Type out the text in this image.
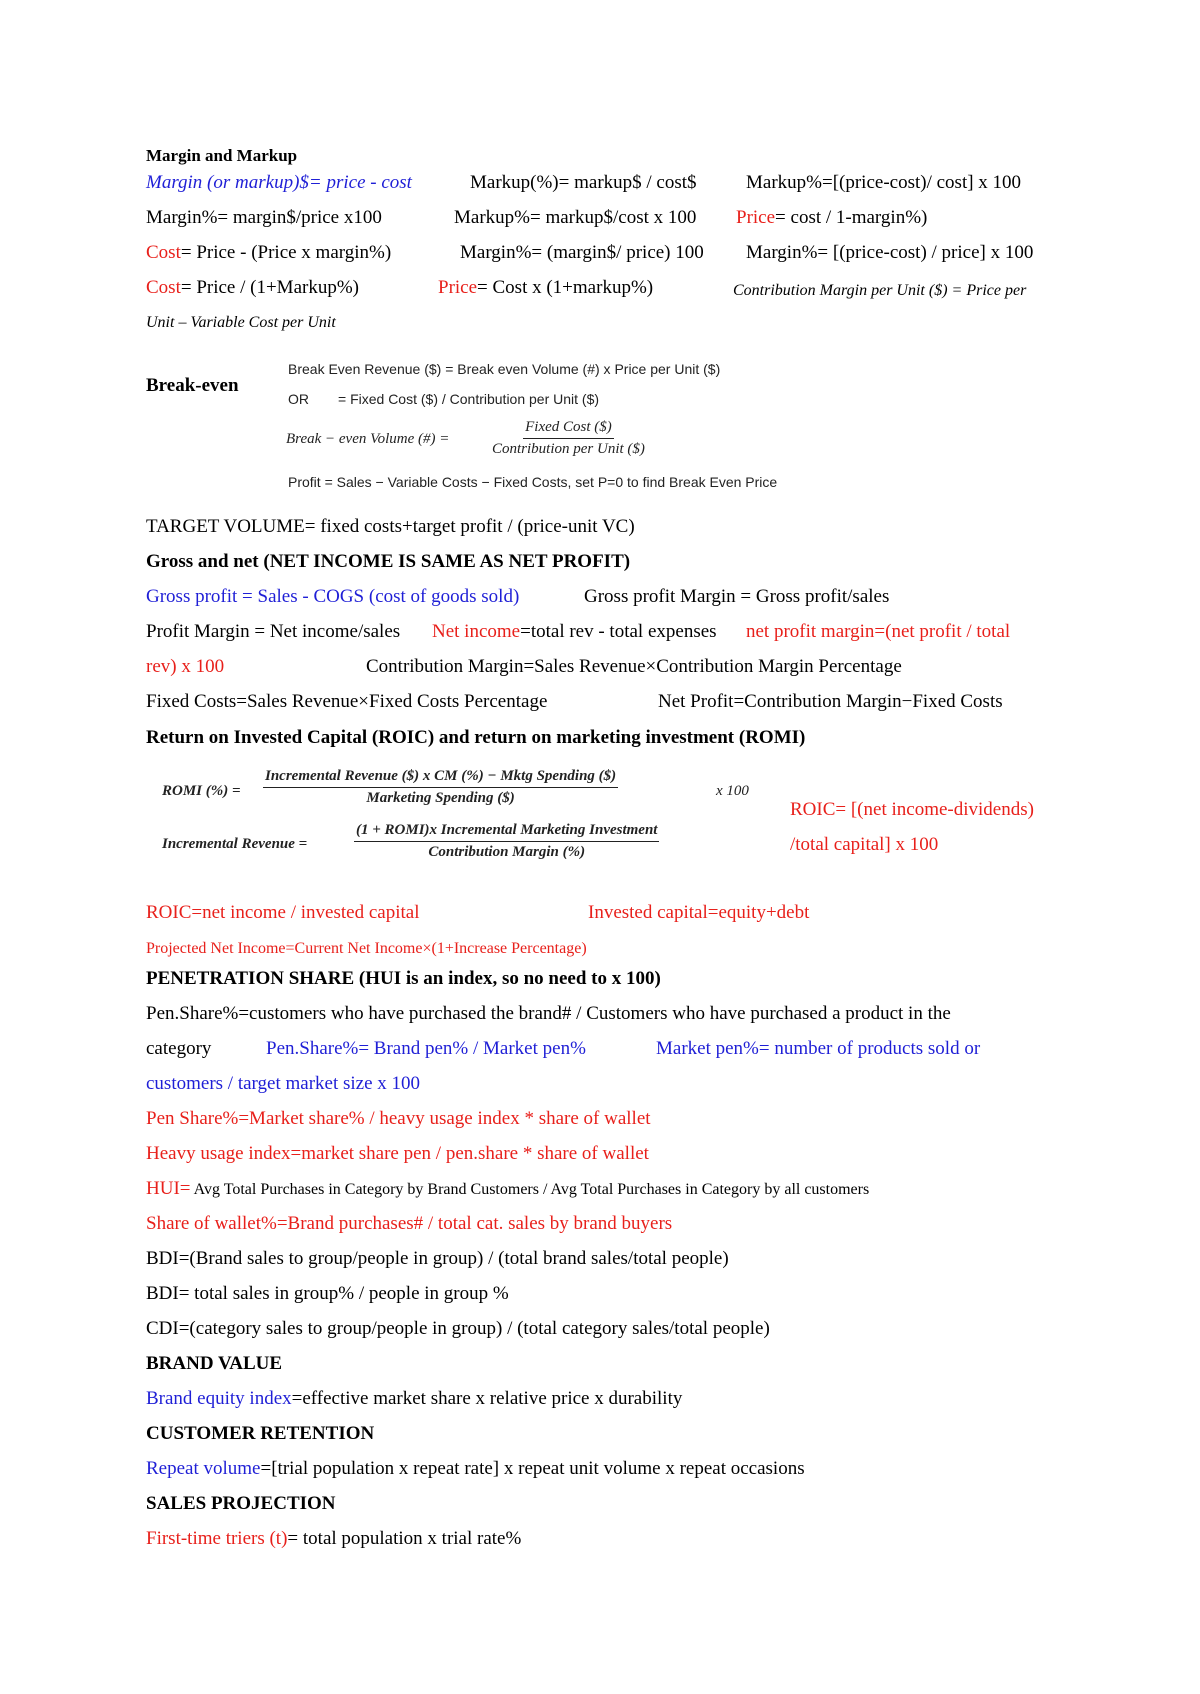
Margin and Markup
Margin (or markup)$= price - cost	Markup(%)= markup$ / cost$	Markup%=[(price-cost)/ cost] x 100
Margin%= margin$/price x100	Markup%= markup$/cost x 100 Price= cost / 1-margin%)
Cost= Price - (Price x margin%)	Margin%= (margin$/ price) 100 Margin%= [(price-cost) / price] x 100
Cost= Price / (1+Markup%)	Price= Cost x (1+markup%)	Contribution Margin per Unit ($) = Price per
Unit – Variable Cost per Unit
Break-even
Break Even Revenue ($) = Break even Volume (#) x Price per Unit ($)
OR = Fixed Cost ($) / Contribution per Unit ($)
Break − even Volume (#) =
Fixed Cost ($)
Contribution per Unit ($)
Profit = Sales − Variable Costs − Fixed Costs, set P=0 to find Break Even Price
TARGET VOLUME= fixed costs+target profit / (price-unit VC)
Gross and net (NET INCOME IS SAME AS NET PROFIT)
Gross profit = Sales - COGS (cost of goods sold)	Gross profit Margin = Gross profit/sales
Profit Margin = Net income/sales Net income=total rev - total expenses net profit margin=(net profit / total
rev) x 100	Contribution Margin=Sales Revenue×Contribution Margin Percentage
Fixed Costs=Sales Revenue×Fixed Costs Percentage	Net Profit=Contribution Margin−Fixed Costs
Return on Invested Capital (ROIC) and return on marketing investment (ROMI)
ROMI (%) =
Incremental Revenue ($) x CM (%) − Mktg Spending ($)
Marketing Spending ($)	x 100
Incremental Revenue =
(1 + ROMI)x Incremental Marketing Investment
Contribution Margin (%)
ROIC= [(net income-dividends)
/total capital] x 100
ROIC=net income / invested capital	Invested capital=equity+debt
Projected Net Income=Current Net Income×(1+Increase Percentage)
PENETRATION SHARE (HUI is an index, so no need to x 100)
Pen.Share%=customers who have purchased the brand# / Customers who have purchased a product in the
category	Pen.Share%= Brand pen% / Market pen%	Market pen%= number of products sold or
customers / target market size x 100
Pen Share%=Market share% / heavy usage index * share of wallet
Heavy usage index=market share pen / pen.share * share of wallet
HUI= Avg Total Purchases in Category by Brand Customers / Avg Total Purchases in Category by all customers
Share of wallet%=Brand purchases# / total cat. sales by brand buyers
BDI=(Brand sales to group/people in group) / (total brand sales/total people)
BDI= total sales in group% / people in group %
CDI=(category sales to group/people in group) / (total category sales/total people)
BRAND VALUE
Brand equity index=effective market share x relative price x durability
CUSTOMER RETENTION
Repeat volume=[trial population x repeat rate] x repeat unit volume x repeat occasions
SALES PROJECTION
First-time triers (t)= total population x trial rate%
